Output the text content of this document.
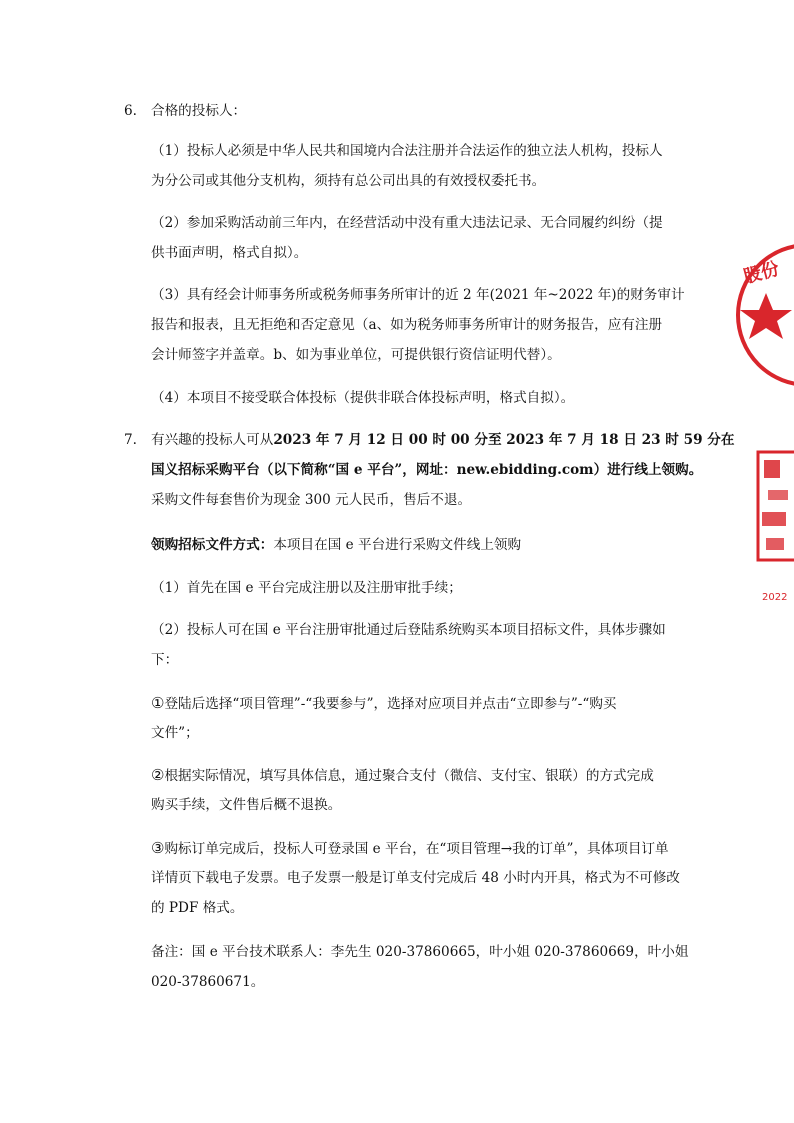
6. 合格的投标人：
（1）投标人必须是中华人民共和国境内合法注册并合法运作的独立法人机构，投标人
为分公司或其他分支机构，须持有总公司出具的有效授权委托书。
（2）参加采购活动前三年内，在经营活动中没有重大违法记录、无合同履约纠纷（提
供书面声明，格式自拟）。
（3）具有经会计师事务所或税务师事务所审计的近 2 年(2021 年~2022 年)的财务审计
报告和报表，且无拒绝和否定意见（a、如为税务师事务所审计的财务报告，应有注册
会计师签字并盖章。b、如为事业单位，可提供银行资信证明代替）。
（4）本项目不接受联合体投标（提供非联合体投标声明，格式自拟）。
7. 有兴趣的投标人可从2023 年 7 月 12 日 00 时 00 分至 2023 年 7 月 18 日 23 时 59 分在
国义招标采购平台（以下简称“国 e 平台”，网址：new.ebidding.com）进行线上领购。
采购文件每套售价为现金 300 元人民币，售后不退。
领购招标文件方式：本项目在国 e 平台进行采购文件线上领购
（1）首先在国 e 平台完成注册以及注册审批手续；
（2）投标人可在国 e 平台注册审批通过后登陆系统购买本项目招标文件，具体步骤如
下：
①登陆后选择“项目管理”-“我要参与”，选择对应项目并点击“立即参与”-“购买
文件”；
②根据实际情况，填写具体信息，通过聚合支付（微信、支付宝、银联）的方式完成
购买手续，文件售后概不退换。
③购标订单完成后，投标人可登录国 e 平台，在“项目管理→我的订单”，具体项目订单
详情页下载电子发票。电子发票一般是订单支付完成后 48 小时内开具，格式为不可修改
的 PDF 格式。
备注：国 e 平台技术联系人：李先生 020-37860665，叶小姐 020-37860669，叶小姐
020-37860671。
股份
2022
